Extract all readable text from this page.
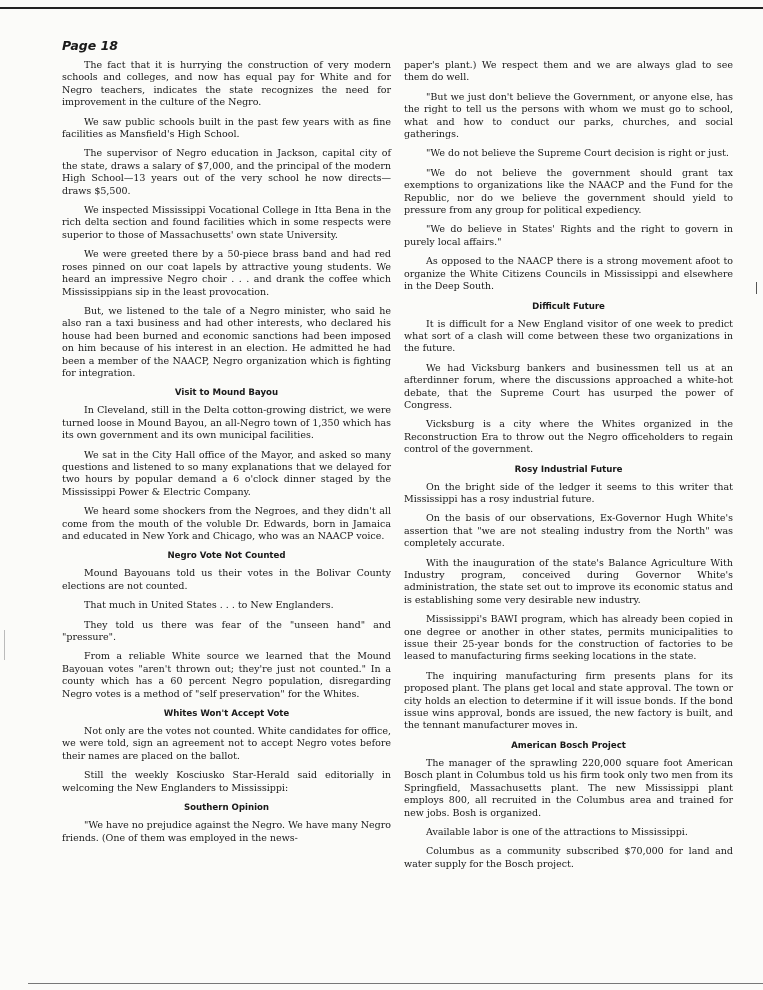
Page 18

The fact that it is hurrying the construction of very modern schools and colleges, and now has equal pay for White and for Negro teachers, indicates the state recognizes the need for improvement in the culture of the Negro.

We saw public schools built in the past few years with as fine facilities as Mansfield's High School.

The supervisor of Negro education in Jackson, capital city of the state, draws a salary of $7,000, and the principal of the modern High School—13 years out of the very school he now directs—draws $5,500.

We inspected Mississippi Vocational College in Itta Bena in the rich delta section and found facilities which in some respects were superior to those of Massachusetts' own state University.

We were greeted there by a 50-piece brass band and had red roses pinned on our coat lapels by attractive young students. We heard an impressive Negro choir . . . and drank the coffee which Mississippians sip in the least provocation.

But, we listened to the tale of a Negro minister, who said he also ran a taxi business and had other interests, who declared his house had been burned and economic sanctions had been imposed on him because of his interest in an election. He admitted he had been a member of the NAACP, Negro organization which is fighting for integration.

Visit to Mound Bayou

In Cleveland, still in the Delta cotton-growing district, we were turned loose in Mound Bayou, an all-Negro town of 1,350 which has its own government and its own municipal facilities.

We sat in the City Hall office of the Mayor, and asked so many questions and listened to so many explanations that we delayed for two hours by popular demand a 6 o'clock dinner staged by the Mississippi Power & Electric Company.

We heard some shockers from the Negroes, and they didn't all come from the mouth of the voluble Dr. Edwards, born in Jamaica and educated in New York and Chicago, who was an NAACP voice.

Negro Vote Not Counted

Mound Bayouans told us their votes in the Bolivar County elections are not counted.

That much in United States . . . to New Englanders.

They told us there was fear of the "unseen hand" and "pressure".

From a reliable White source we learned that the Mound Bayouan votes "aren't thrown out; they're just not counted." In a county which has a 60 percent Negro population, disregarding Negro votes is a method of "self preservation" for the Whites.

Whites Won't Accept Vote

Not only are the votes not counted. White candidates for office, we were told, sign an agreement not to accept Negro votes before their names are placed on the ballot.

Still the weekly Kosciusko Star-Herald said editorially in welcoming the New Englanders to Mississippi:

Southern Opinion

"We have no prejudice against the Negro. We have many Negro friends. (One of them was employed in the news-

paper's plant.) We respect them and we are always glad to see them do well.

"But we just don't believe the Government, or anyone else, has the right to tell us the persons with whom we must go to school, what and how to conduct our parks, churches, and social gatherings.

"We do not believe the Supreme Court decision is right or just.

"We do not believe the government should grant tax exemptions to organizations like the NAACP and the Fund for the Republic, nor do we believe the government should yield to pressure from any group for political expediency.

"We do believe in States' Rights and the right to govern in purely local affairs."

As opposed to the NAACP there is a strong movement afoot to organize the White Citizens Councils in Mississippi and elsewhere in the Deep South.

Difficult Future

It is difficult for a New England visitor of one week to predict what sort of a clash will come between these two organizations in the future.

We had Vicksburg bankers and businessmen tell us at an afterdinner forum, where the discussions approached a white-hot debate, that the Supreme Court has usurped the power of Congress.

Vicksburg is a city where the Whites organized in the Reconstruction Era to throw out the Negro officeholders to regain control of the government.

Rosy Industrial Future

On the bright side of the ledger it seems to this writer that Mississippi has a rosy industrial future.

On the basis of our observations, Ex-Governor Hugh White's assertion that "we are not stealing industry from the North" was completely accurate.

With the inauguration of the state's Balance Agriculture With Industry program, conceived during Governor White's administration, the state set out to improve its economic status and is establishing some very desirable new industry.

Mississippi's BAWI program, which has already been copied in one degree or another in other states, permits municipalities to issue their 25-year bonds for the construction of factories to be leased to manufacturing firms seeking locations in the state.

The inquiring manufacturing firm presents plans for its proposed plant. The plans get local and state approval. The town or city holds an election to determine if it will issue bonds. If the bond issue wins approval, bonds are issued, the new factory is built, and the tennant manufacturer moves in.

American Bosch Project

The manager of the sprawling 220,000 square foot American Bosch plant in Columbus told us his firm took only two men from its Springfield, Massachusetts plant. The new Mississippi plant employs 800, all recruited in the Columbus area and trained for new jobs. Bosh is organized.

Available labor is one of the attractions to Mississippi.

Columbus as a community subscribed $70,000 for land and water supply for the Bosch project.
